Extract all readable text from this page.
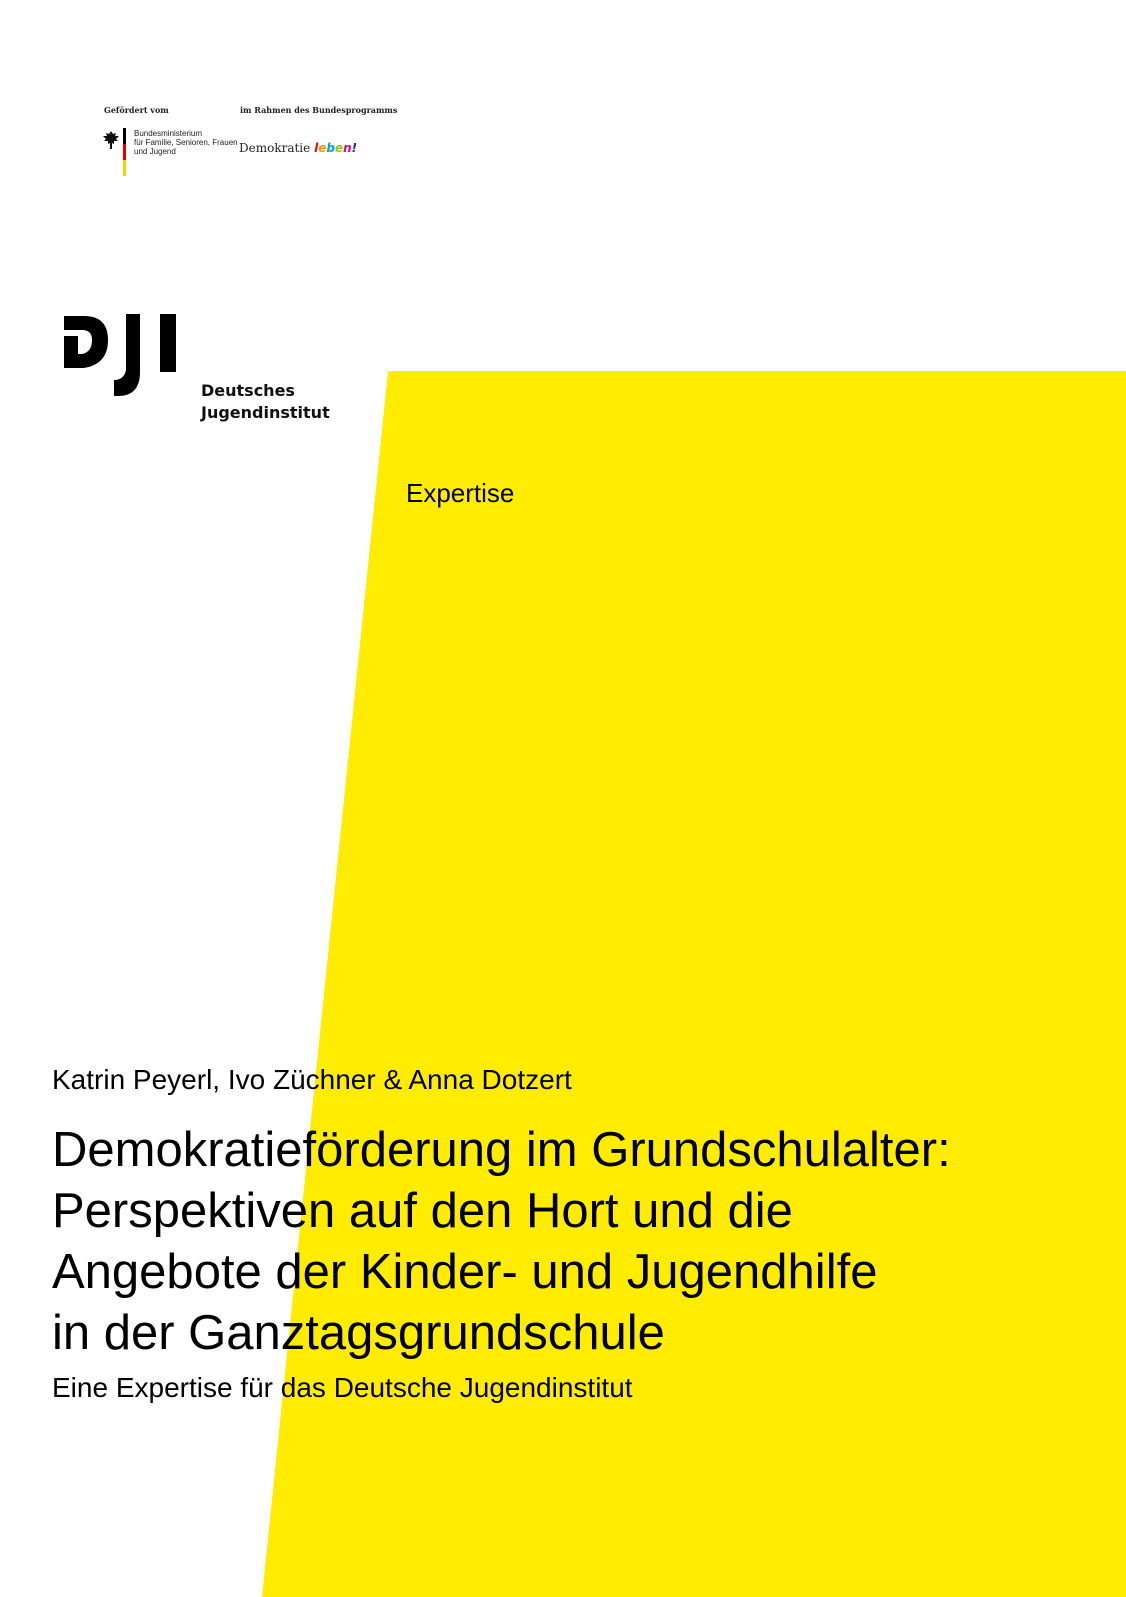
Gefördert vom	im Rahmen des Bundesprogramms
Bundesministerium
für Familie, Senioren, Frauen
und Jugend	Demokratie leben!
Deutsches
Jugendinstitut
Expertise
Katrin Peyerl, Ivo Züchner & Anna Dotzert
Demokratieförderung im Grundschulalter:
Perspektiven auf den Hort und die
Angebote der Kinder- und Jugendhilfe
in der Ganztagsgrundschule
Eine Expertise für das Deutsche Jugendinstitut
